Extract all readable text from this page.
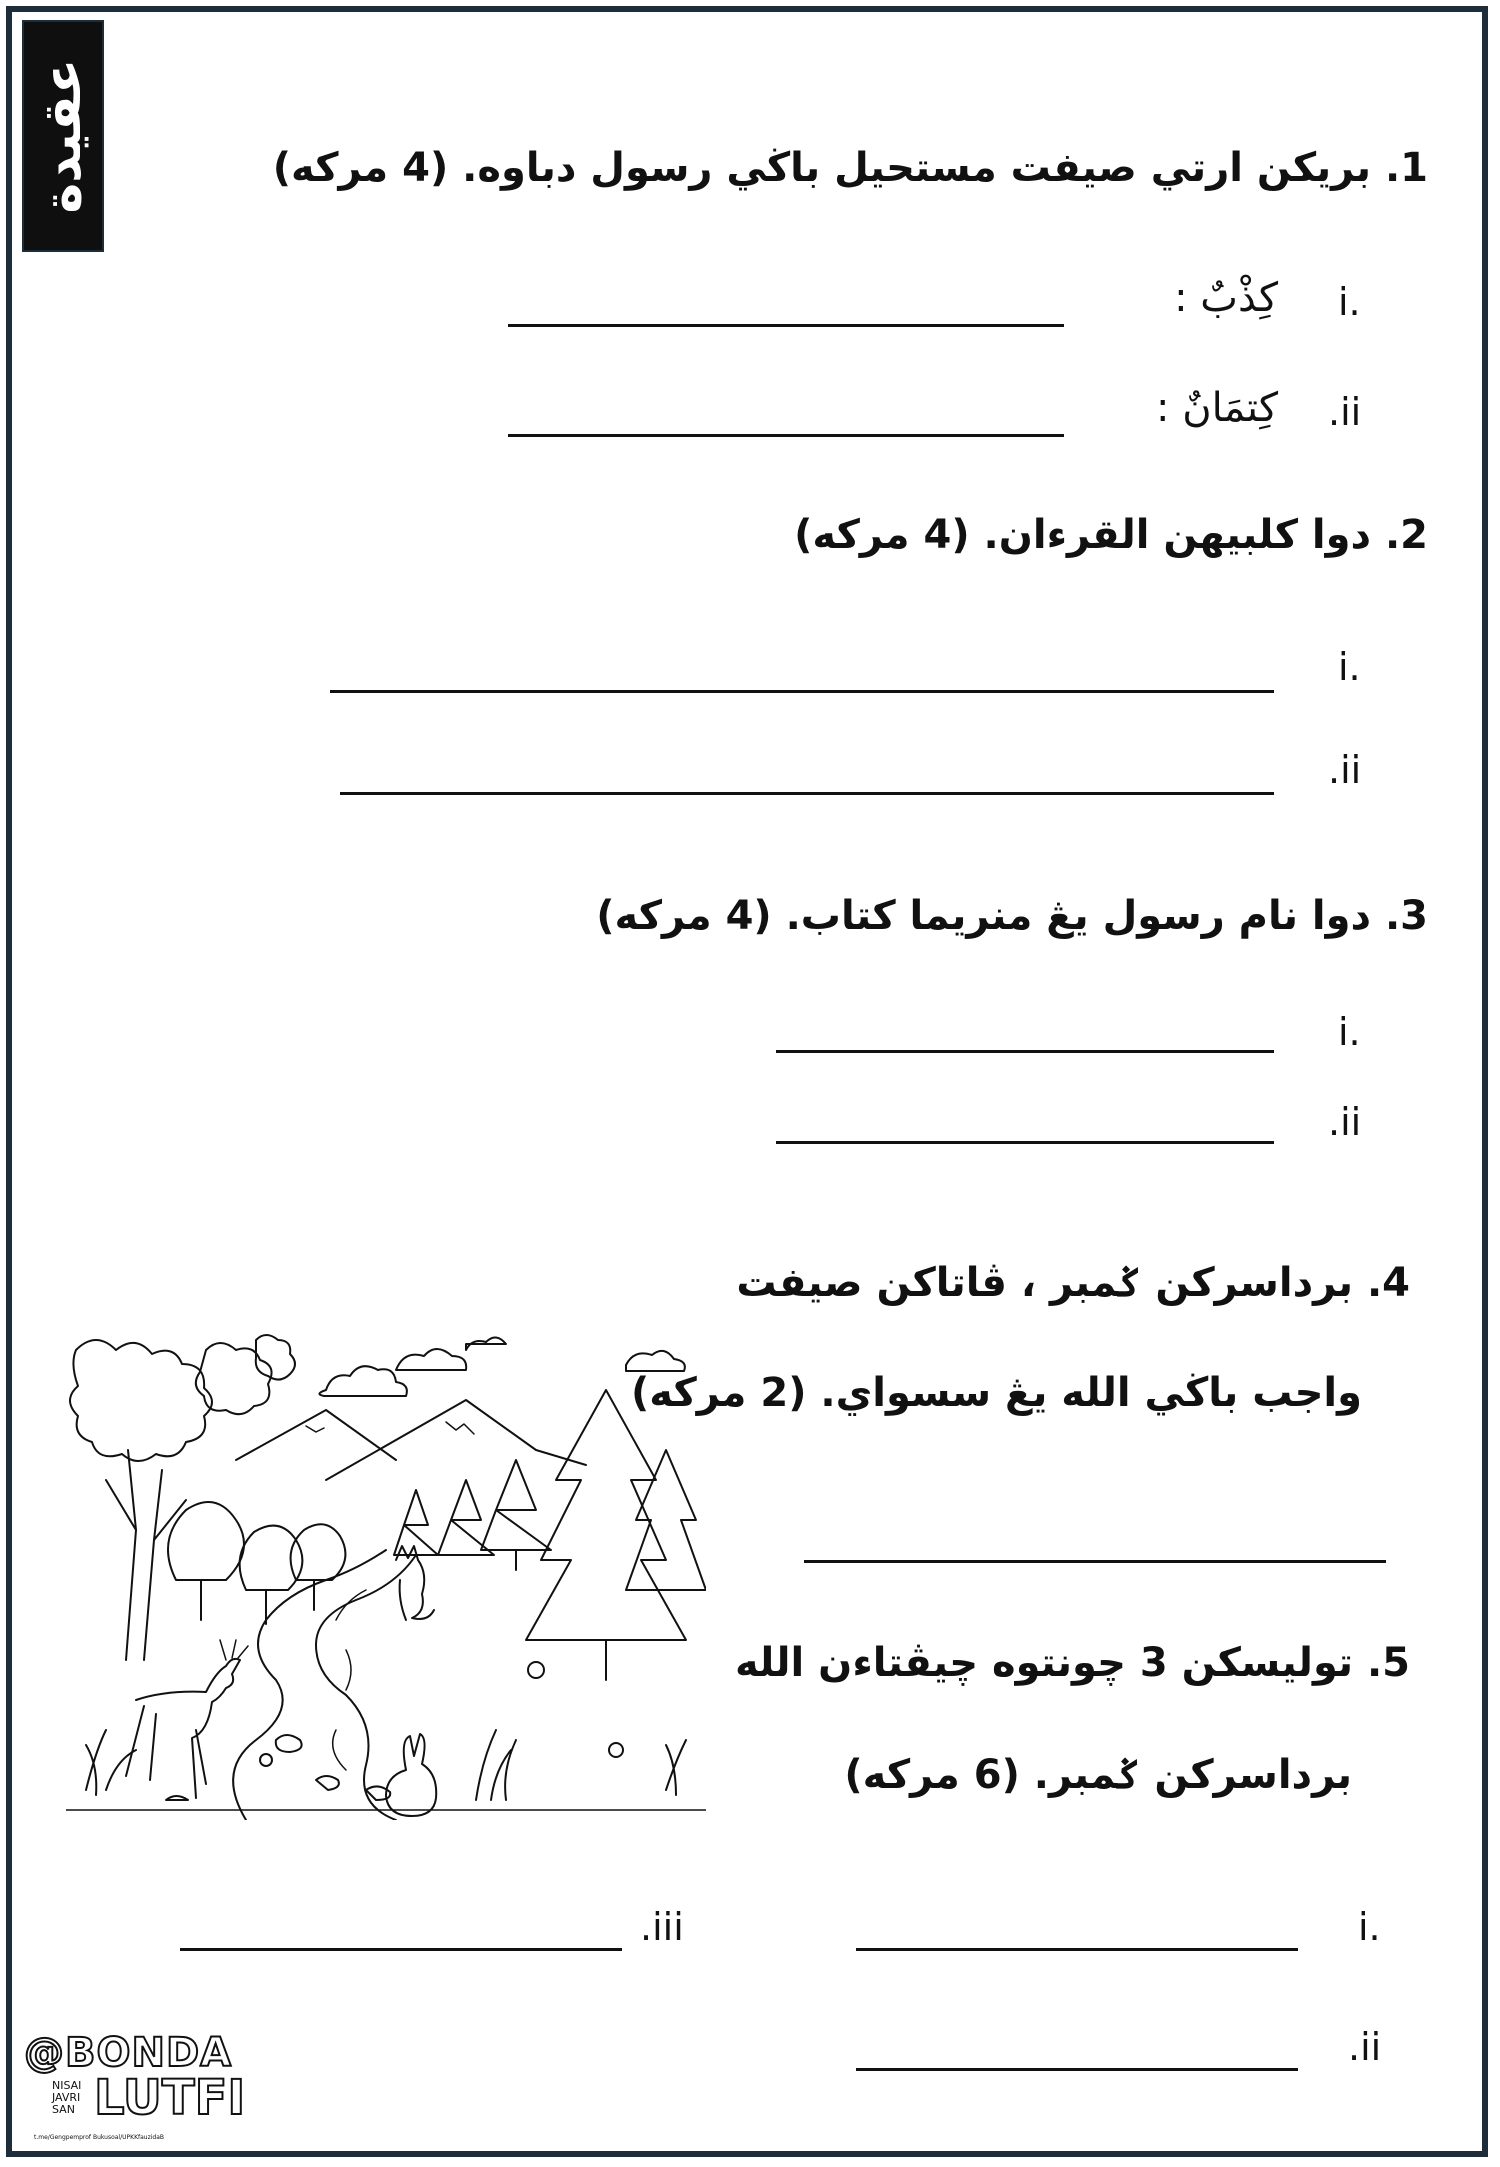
عقيدة	1. بريکن ارتي صيفت مستحيل باڬي رسول دباوه. (4 مرکه)
i.
كِذْبٌ :
.ii
كِتمَانٌ :
2. دوا کلبيهن القرءان. (4 مرکه)
i.
.ii
3. دوا نام رسول يڠ منريما کتاب. (4 مرکه)
i.
.ii
4. برداسرکن ݢمبر ، ڤاتاکن صيفت
واجب باڬي الله يڠ سسواي. (2 مرکه)
5. توليسکن 3 چونتوه چيڤتاءن الله
برداسرکن ݢمبر. (6 مرکه)
i.
.iii
.ii
@BONDA
NISAI JAVRI SAN LUTFI
t.me/Gengpemprof Bukusoal/UPKKfauzidaB
